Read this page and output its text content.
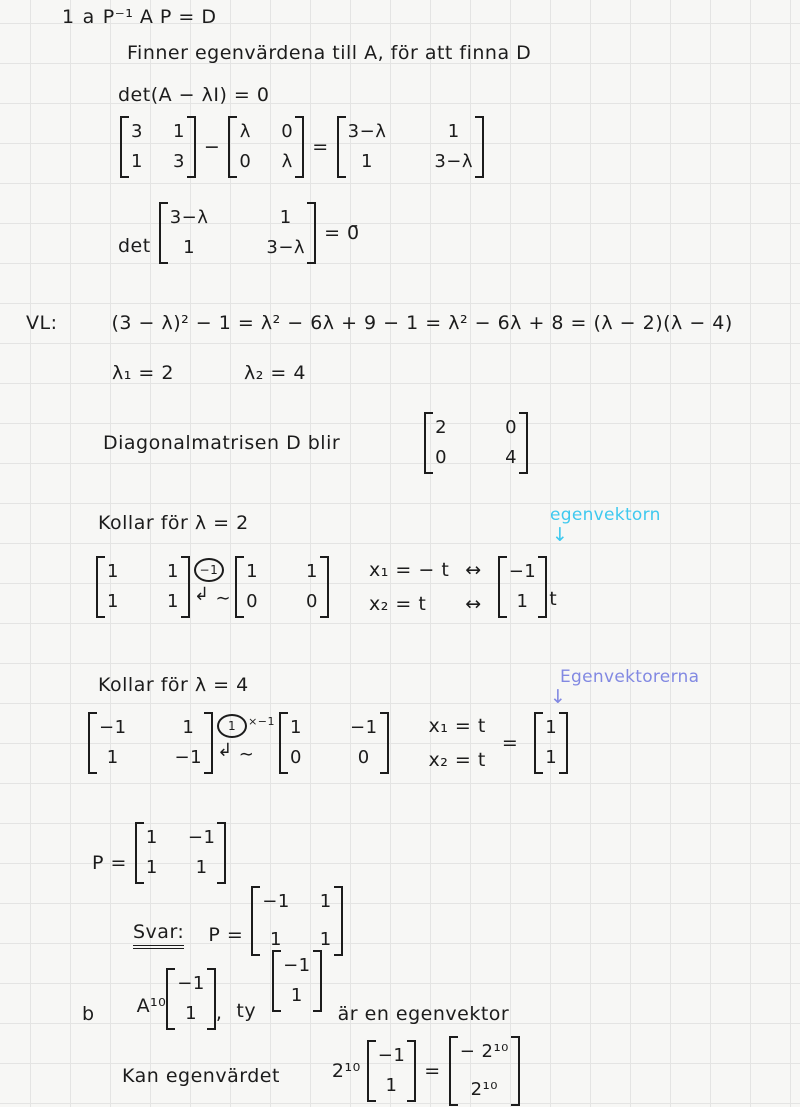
1 a P⁻¹ A P = D
Finner egenvärdena till A, för att finna D
det(A − λI) = 0
3 1
1 3
−
λ 0
0 λ
=
3−λ	1
1	3−λ
det
3−λ	1
1	3−λ
= 0̄
VL:	(3 − λ)² − 1 = λ² − 6λ + 9 − 1 = λ² − 6λ + 8 = (λ − 2)(λ − 4)
λ₁ = 2	λ₂ = 4
Diagonalmatrisen D blir
2	0
0	4
Kollar för λ = 2	egenvektorn
↓
1	1
1	1
−1
↲ ∼
1	1
0	0
x₁ = − t
x₂ = t
↔
↔
−1
1	t
Kollar för λ = 4	Egenvektorerna
↓
−1	1
1	−1
1	×−1
↲ ∼
1	−1
0	0
x₁ = t
x₂ = t
=
1
1
P =
1 −1
1	1
Svar: P =
−1 1
1	1
b A¹⁰
−1
1 , ty
−1
1
är en egenvektor
Kan egenvärdet	2¹⁰
−1
1
=
− 2¹⁰
2¹⁰
